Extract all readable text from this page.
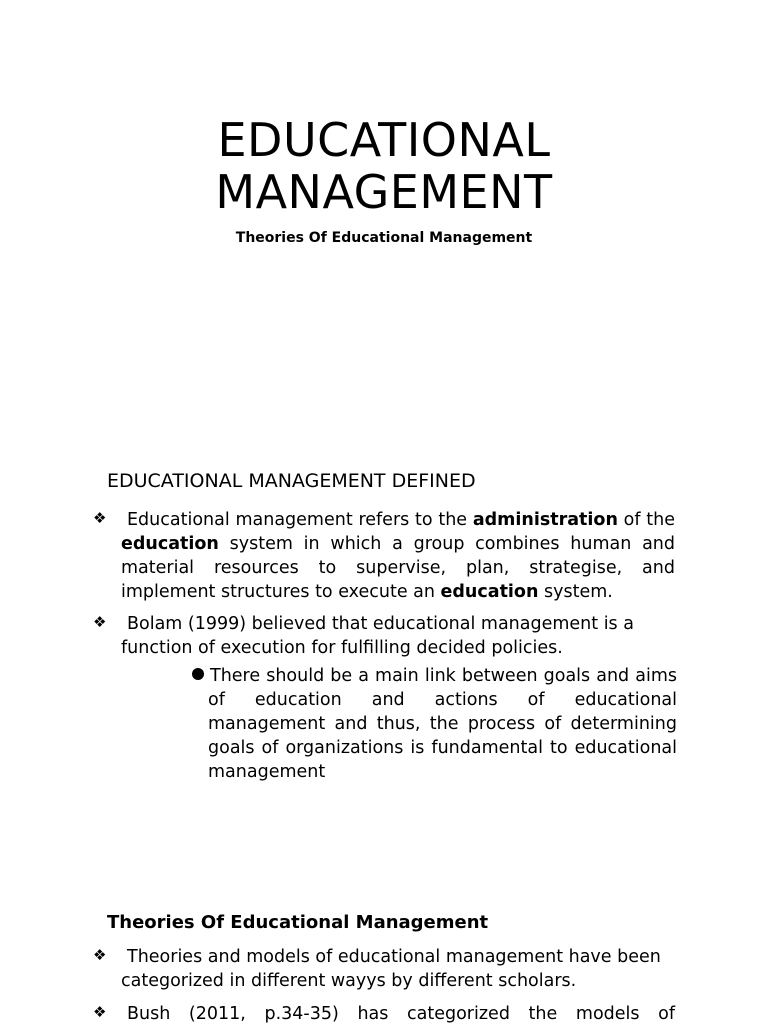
EDUCATIONAL
MANAGEMENT

Theories Of Educational Management

EDUCATIONAL MANAGEMENT DEFINED

❖ Educational management refers to the administration of the education system in which a group combines human and material resources to supervise, plan, strategise, and implement structures to execute an education system.

❖ Bolam (1999) believed that educational management is a function of execution for fulfilling decided policies.

There should be a main link between goals and aims of education and actions of educational management and thus, the process of determining goals of organizations is fundamental to educational management

Theories Of Educational Management

❖ Theories and models of educational management have been categorized in different wayys by different scholars.

❖ Bush (2011, p.34-35) has categorized the models of
